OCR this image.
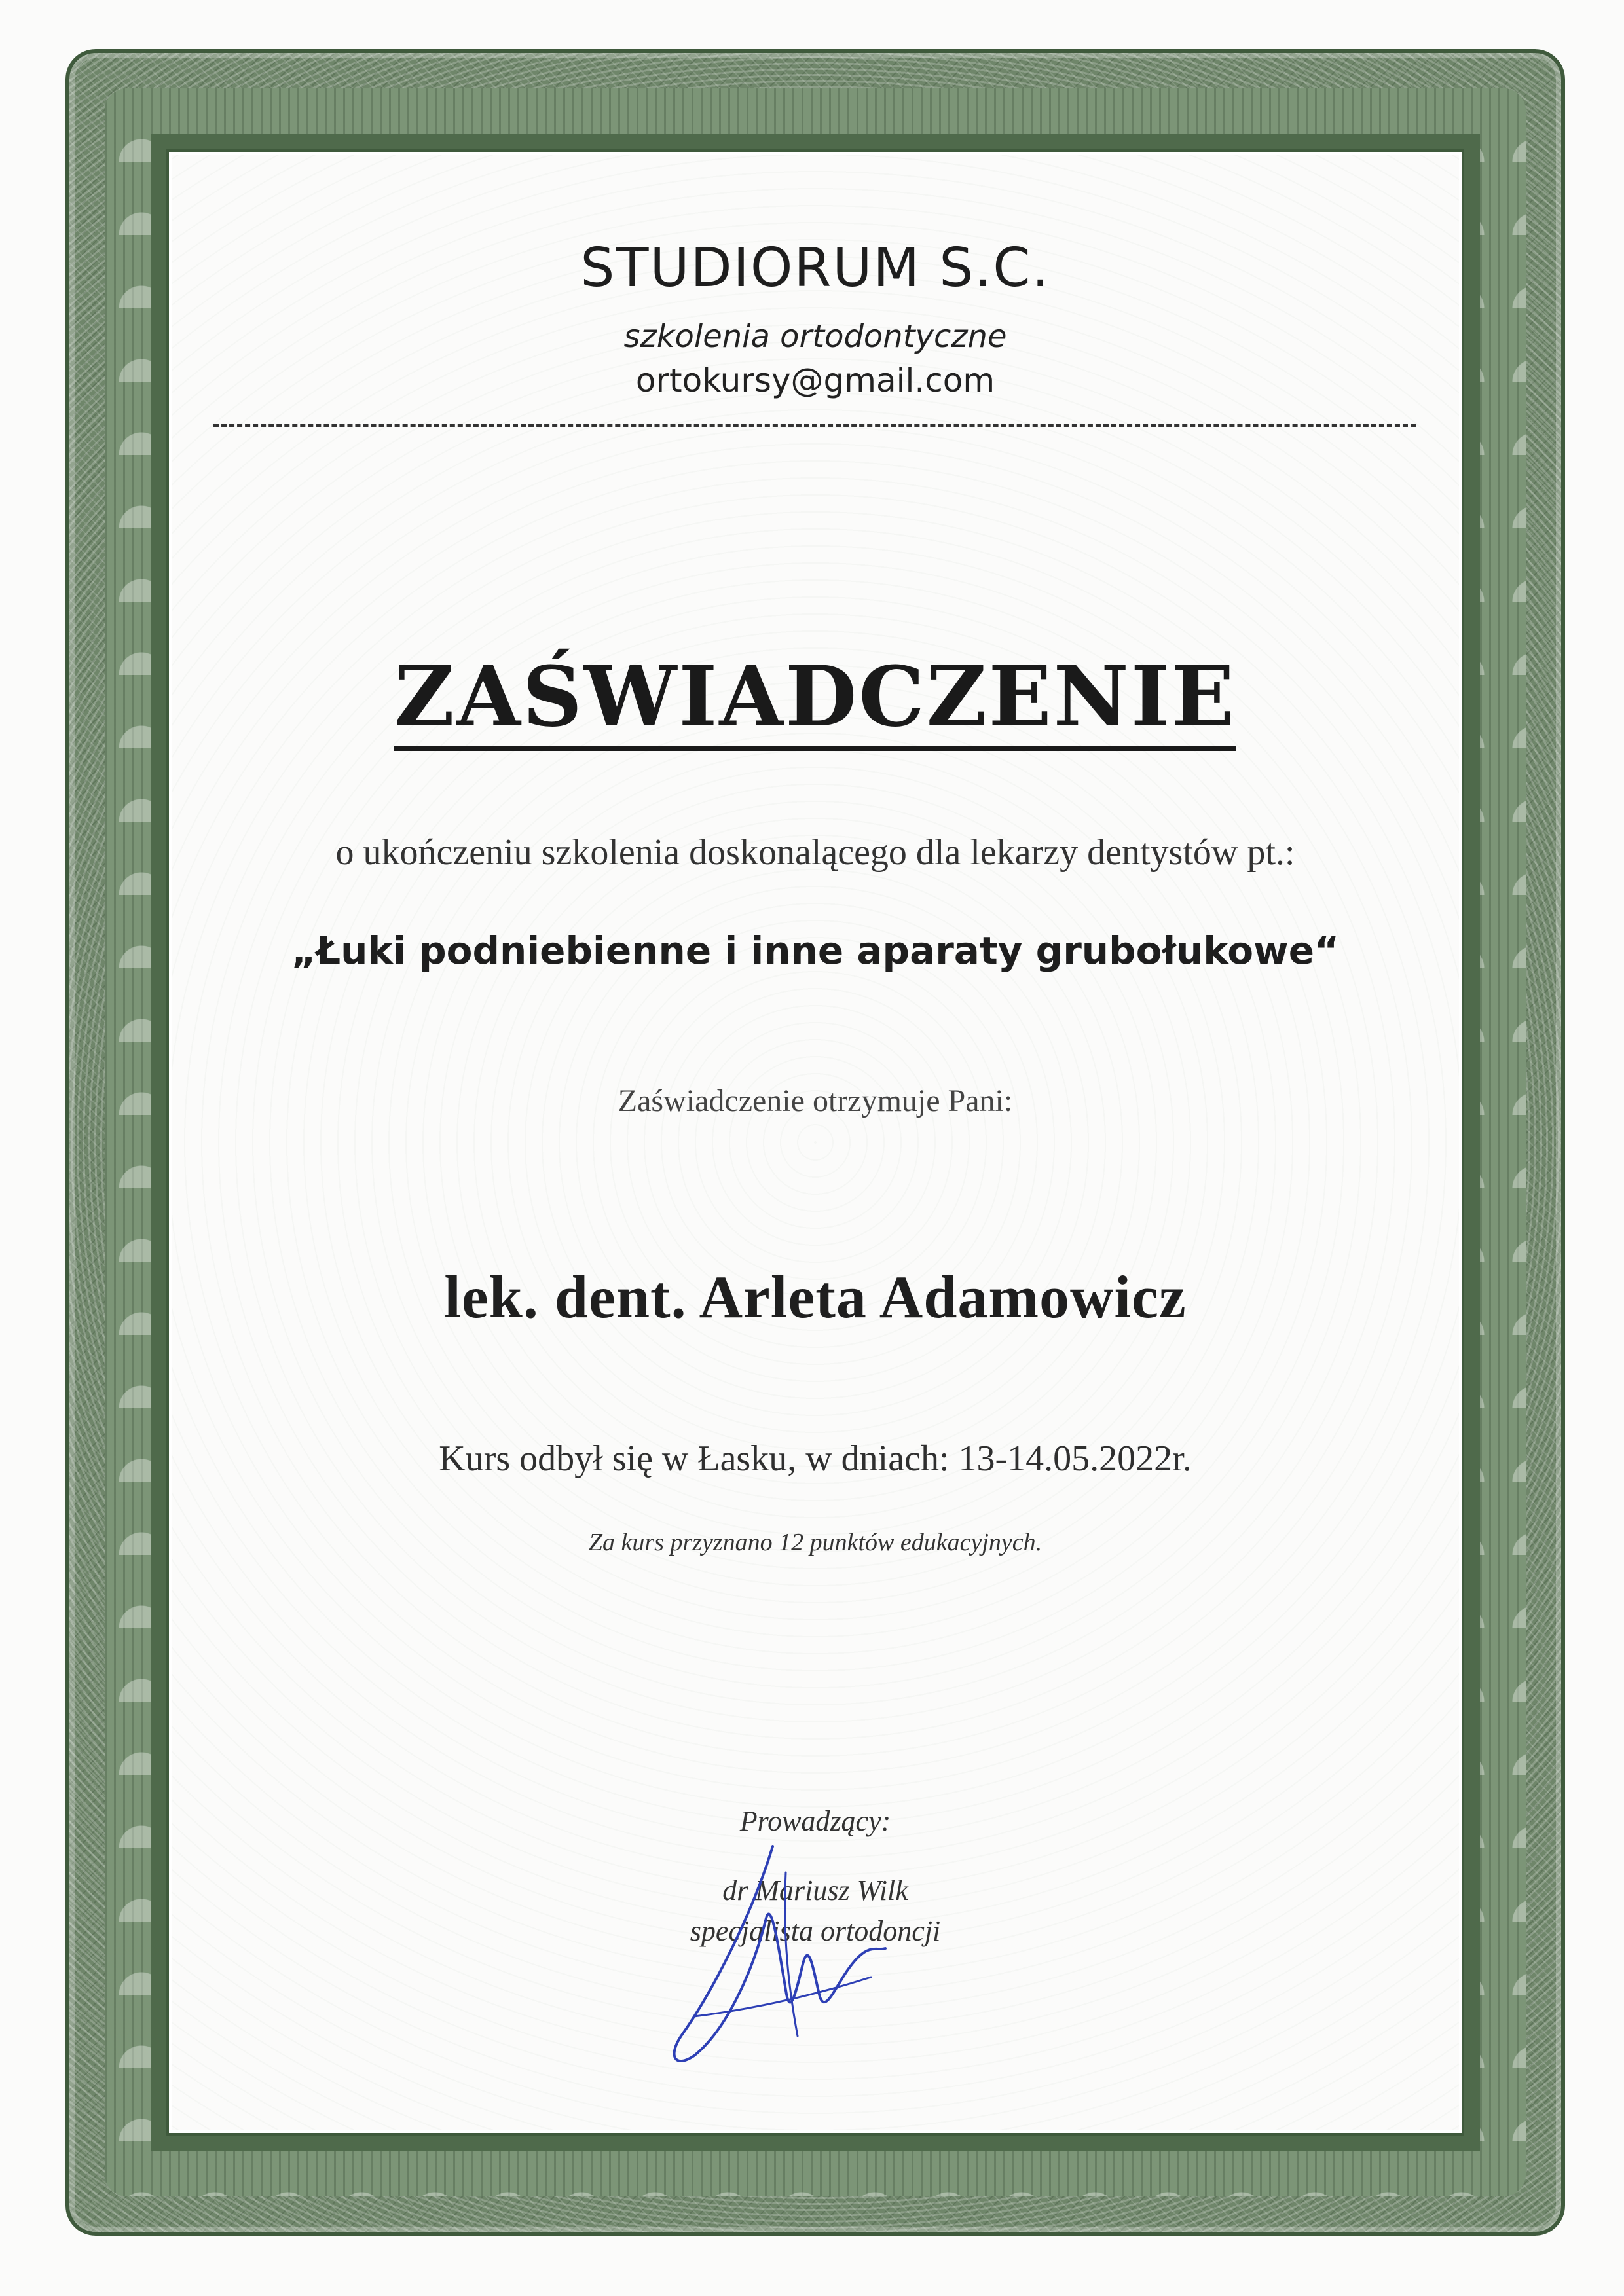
STUDIORUM S.C.
szkolenia ortodontyczne
ortokursy@gmail.com
ZAŚWIADCZENIE
o ukończeniu szkolenia doskonalącego dla lekarzy dentystów pt.:
„Łuki podniebienne i inne aparaty grubołukowe“
Zaświadczenie otrzymuje Pani:
lek. dent. Arleta Adamowicz
Kurs odbył się w Łasku, w dniach: 13-14.05.2022r.
Za kurs przyznano 12 punktów edukacyjnych.
Prowadzący:
dr Mariusz Wilk
specjalista ortodoncji
